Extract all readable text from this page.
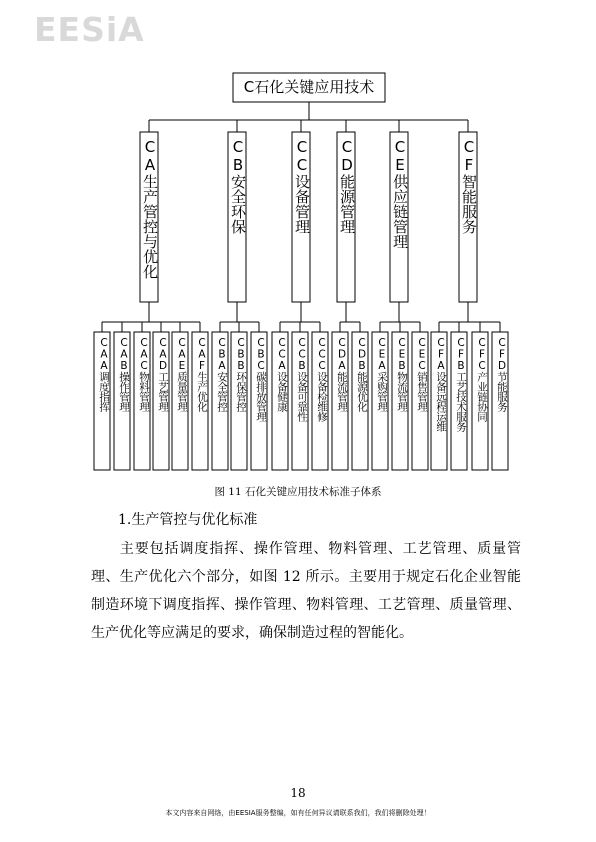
EESiA
CA生产管控与优化
CAA调度指挥 CAB操作管理 CAC物料管理 CAD工艺管理 CAE质量管理 CAF生产优化
CB安全环保
CBA安全管控 CBB环保管控 CBC碳排放管理
CC设备管理
CCA设备健康 CCB设备可靠性 CCC设备检维修
CD能源管理
CDA能流管理 CDB能源优化
CE供应链管理
CEA采购管理 CEB物流管理 CEC销售管理
CF智能服务
CFA设备远程运维 CFB工艺技术服务 CFC产业链协同 CFD节能服务
C石化关键应用技术
图 11 石化关键应用技术标准子体系
1.生产管控与优化标准
主要包括调度指挥、操作管理、物料管理、工艺管理、质量管理、生产优化六个部分，如图 12 所示。主要用于规定石化企业智能制造环境下调度指挥、操作管理、物料管理、工艺管理、质量管理、生产优化等应满足的要求，确保制造过程的智能化。
18
本文内容来自网络，由EESIA服务整编，如有任何异议请联系我们，我们将删除处理！
